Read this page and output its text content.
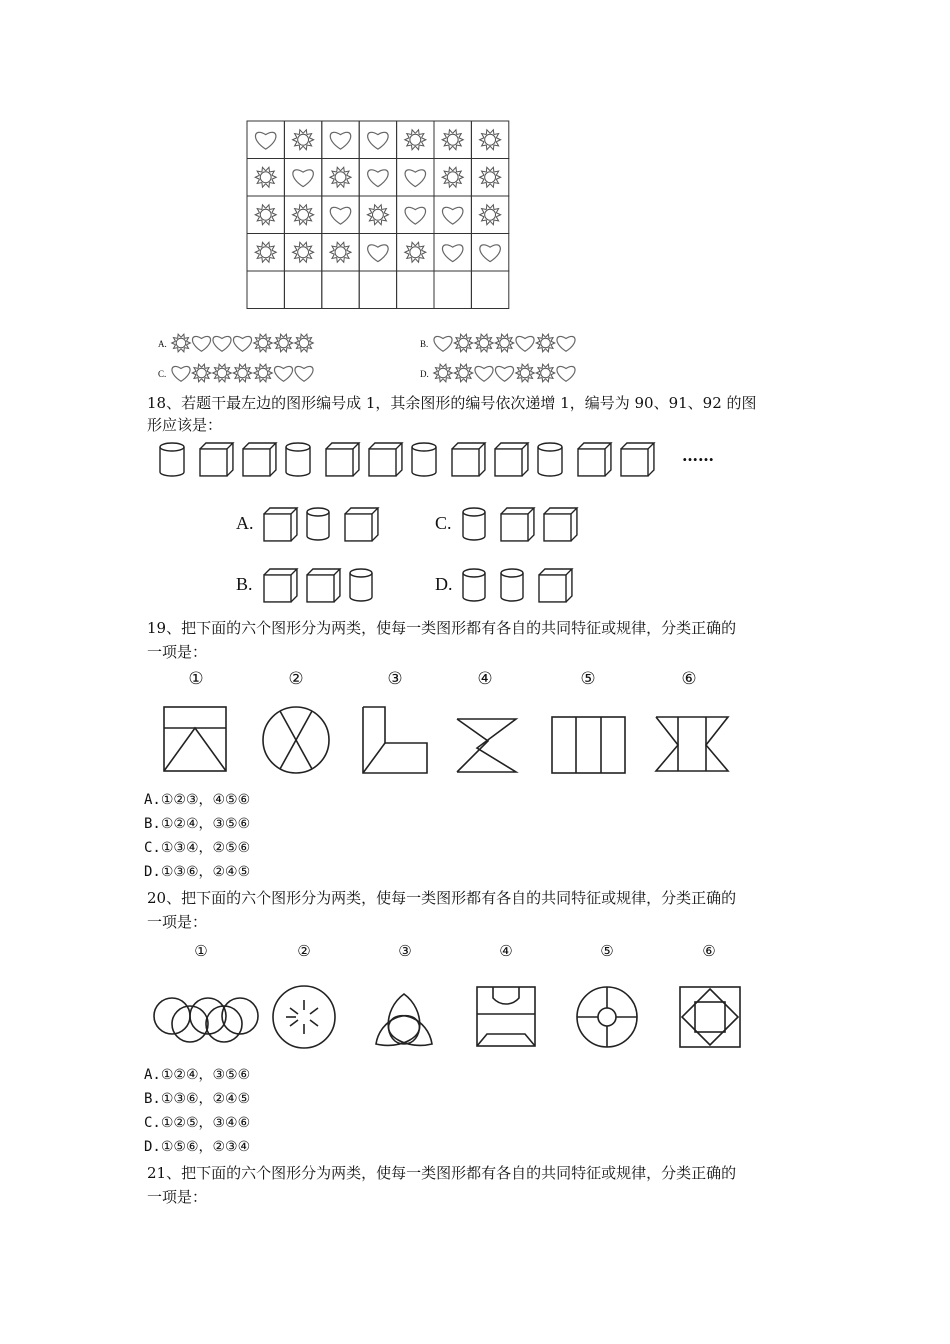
A.	B.
C.	D.
18、若题干最左边的图形编号成 1，其余图形的编号依次递增 1，编号为 90、91、92 的图
形应该是：
……
A.	C.
B.	D.
19、把下面的六个图形分为两类，使每一类图形都有各自的共同特征或规律，分类正确的
一项是：
①	②	③	④	⑤	⑥
A.①②③，④⑤⑥
B.①②④，③⑤⑥
C.①③④，②⑤⑥
D.①③⑥，②④⑤
20、把下面的六个图形分为两类，使每一类图形都有各自的共同特征或规律，分类正确的
一项是：
①	②	③	④	⑤	⑥
A.①②④，③⑤⑥
B.①③⑥，②④⑤
C.①②⑤，③④⑥
D.①⑤⑥，②③④
21、把下面的六个图形分为两类，使每一类图形都有各自的共同特征或规律，分类正确的
一项是：
